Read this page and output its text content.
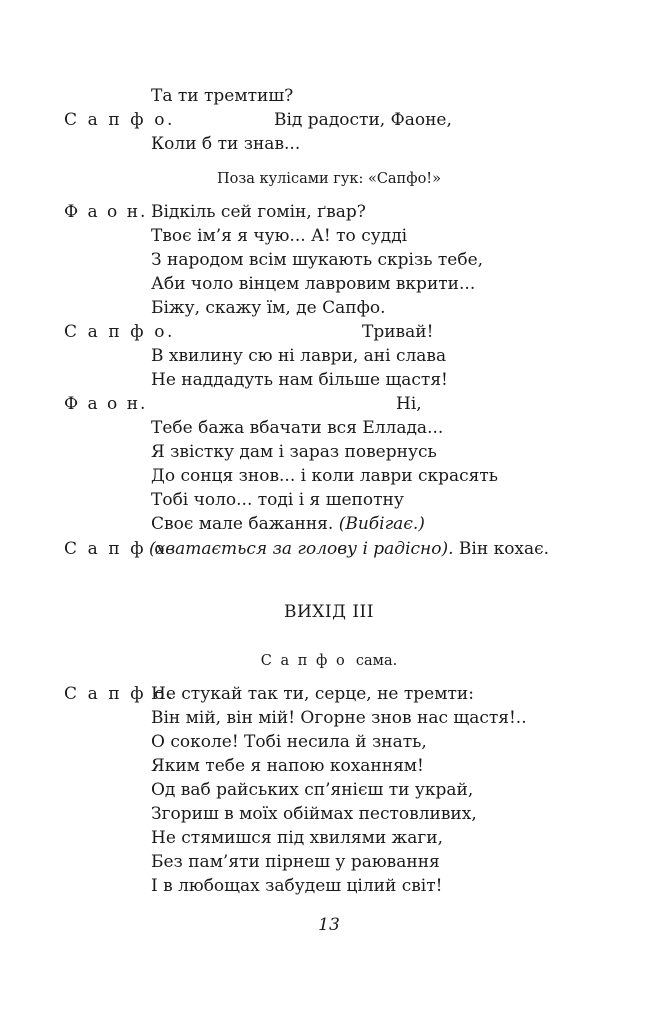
Та ти тремтиш?
С а п ф о.	Від радости, Фаоне,
Коли б ти знав...
Поза кулісами гук: «Сапфо!»
Ф а о н. Відкіль сей гомін, ґвар?
Твоє ім’я я чую... А! то судді
З народом всім шукають скрізь тебе,
Аби чоло вінцем лавровим вкрити...
Біжу, скажу їм, де Сапфо.
С а п ф о.	Тривай!
В хвилину сю ні лаври, ані слава
Не наддадуть нам більше щастя!
Ф а о н.	Ні,
Тебе бажа вбачати вся Еллада...
Я звістку дам і зараз повернусь
До сонця знов... і коли лаври скрасять
Тобі чоло... тоді і я шепотну
Своє мале бажання. (Вибігає.)
С а п ф о
(хватається за голову і радісно). Він кохає.
ВИХІД III
С а п ф о сама.
С а п ф о.
Не стукай так ти, серце, не тремти:
Він мій, він мій! Огорне знов нас щастя!..
О соколе! Тобі несила й знать,
Яким тебе я напою коханням!
Од ваб райських сп’янієш ти укрaй,
Згориш в моїх обіймах пестовливих,
Не стямишся під хвилями жаги,
Без пам’яти пірнеш у раювання
І в любощах забудеш цілий світ!
13
